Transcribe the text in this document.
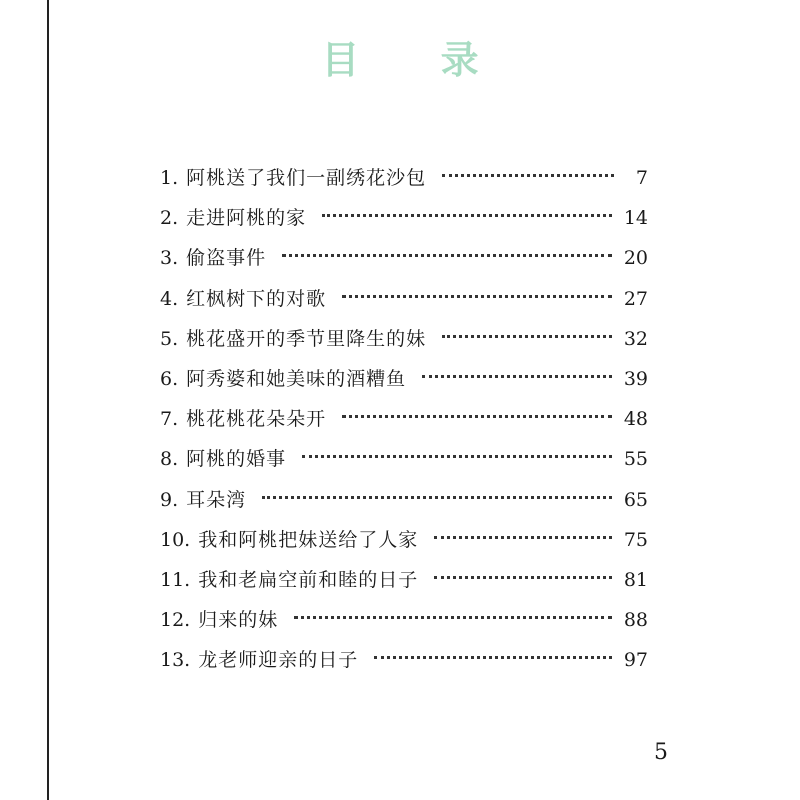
目 录
1. 阿桃送了我们一副绣花沙包	7
2. 走进阿桃的家	14
3. 偷盗事件	20
4. 红枫树下的对歌	27
5. 桃花盛开的季节里降生的妹	32
6. 阿秀婆和她美味的酒糟鱼	39
7. 桃花桃花朵朵开	48
8. 阿桃的婚事	55
9. 耳朵湾	65
10. 我和阿桃把妹送给了人家	75
11. 我和老扁空前和睦的日子	81
12. 归来的妹	88
13. 龙老师迎亲的日子	97
5
